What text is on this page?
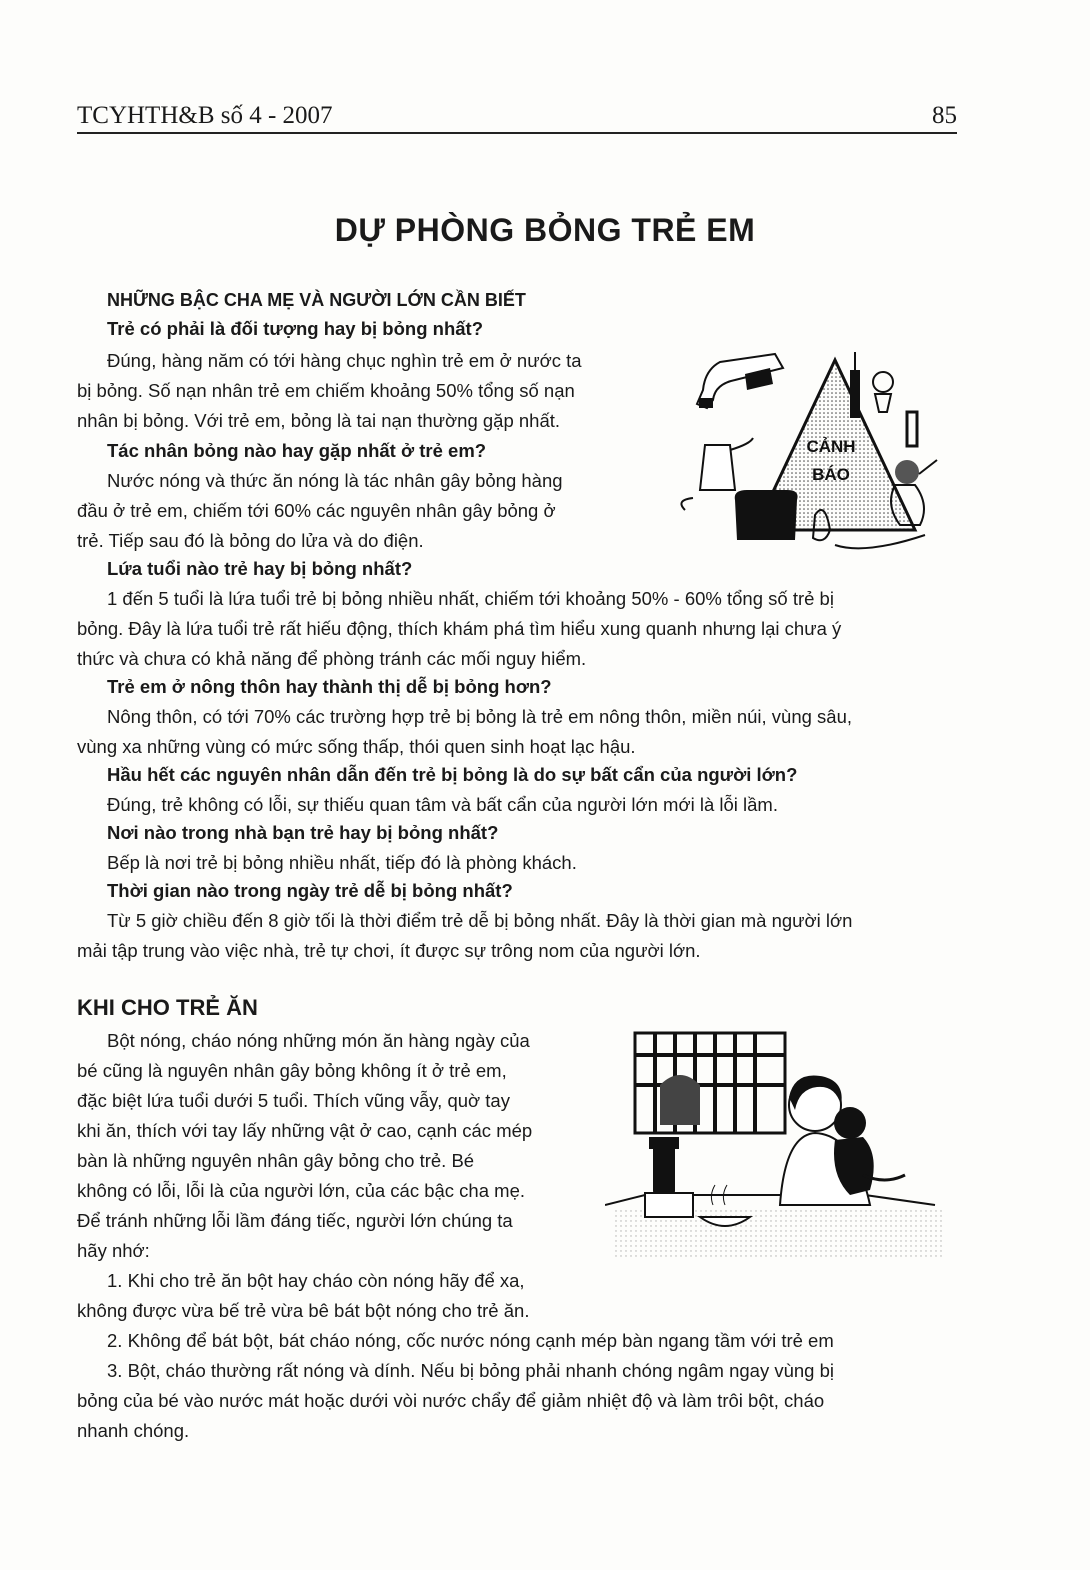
TCYHTH&B số 4 - 2007	85
DỰ PHÒNG BỎNG TRẺ EM
NHỮNG BẬC CHA MẸ VÀ NGƯỜI LỚN CẦN BIẾT
Trẻ có phải là đối tượng hay bị bỏng nhất?
Đúng, hàng năm có tới hàng chục nghìn trẻ em ở nước ta
bị bỏng. Số nạn nhân trẻ em chiếm khoảng 50% tổng số nạn
nhân bị bỏng. Với trẻ em, bỏng là tai nạn thường gặp nhất.
Tác nhân bỏng nào hay gặp nhất ở trẻ em?
Nước nóng và thức ăn nóng là tác nhân gây bỏng hàng
đầu ở trẻ em, chiếm tới 60% các nguyên nhân gây bỏng ở
trẻ. Tiếp sau đó là bỏng do lửa và do điện.
Lứa tuổi nào trẻ hay bị bỏng nhất?
1 đến 5 tuổi là lứa tuổi trẻ bị bỏng nhiều nhất, chiếm tới khoảng 50% - 60% tổng số trẻ bị
bỏng. Đây là lứa tuổi trẻ rất hiếu động, thích khám phá tìm hiểu xung quanh nhưng lại chưa ý
thức và chưa có khả năng để phòng tránh các mối nguy hiểm.
Trẻ em ở nông thôn hay thành thị dễ bị bỏng hơn?
Nông thôn, có tới 70% các trường hợp trẻ bị bỏng là trẻ em nông thôn, miền núi, vùng sâu,
vùng xa những vùng có mức sống thấp, thói quen sinh hoạt lạc hậu.
Hầu hết các nguyên nhân dẫn đến trẻ bị bỏng là do sự bất cẩn của người lớn?
Đúng, trẻ không có lỗi, sự thiếu quan tâm và bất cẩn của người lớn mới là lỗi lầm.
Nơi nào trong nhà bạn trẻ hay bị bỏng nhất?
Bếp là nơi trẻ bị bỏng nhiều nhất, tiếp đó là phòng khách.
Thời gian nào trong ngày trẻ dễ bị bỏng nhất?
Từ 5 giờ chiều đến 8 giờ tối là thời điểm trẻ dễ bị bỏng nhất. Đây là thời gian mà người lớn
mải tập trung vào việc nhà, trẻ tự chơi, ít được sự trông nom của người lớn.
CẢNH
BÁO
KHI CHO TRẺ ĂN
Bột nóng, cháo nóng những món ăn hàng ngày của
bé cũng là nguyên nhân gây bỏng không ít ở trẻ em,
đặc biệt lứa tuổi dưới 5 tuổi. Thích vũng vẫy, quờ tay
khi ăn, thích với tay lấy những vật ở cao, cạnh các mép
bàn là những nguyên nhân gây bỏng cho trẻ. Bé
không có lỗi, lỗi là của người lớn, của các bậc cha mẹ.
Để tránh những lỗi lầm đáng tiếc, người lớn chúng ta
hãy nhớ:
1. Khi cho trẻ ăn bột hay cháo còn nóng hãy để xa,
không được vừa bế trẻ vừa bê bát bột nóng cho trẻ ăn.
2. Không để bát bột, bát cháo nóng, cốc nước nóng cạnh mép bàn ngang tầm với trẻ em
3. Bột, cháo thường rất nóng và dính. Nếu bị bỏng phải nhanh chóng ngâm ngay vùng bị
bỏng của bé vào nước mát hoặc dưới vòi nước chẩy để giảm nhiệt độ và làm trôi bột, cháo
nhanh chóng.
